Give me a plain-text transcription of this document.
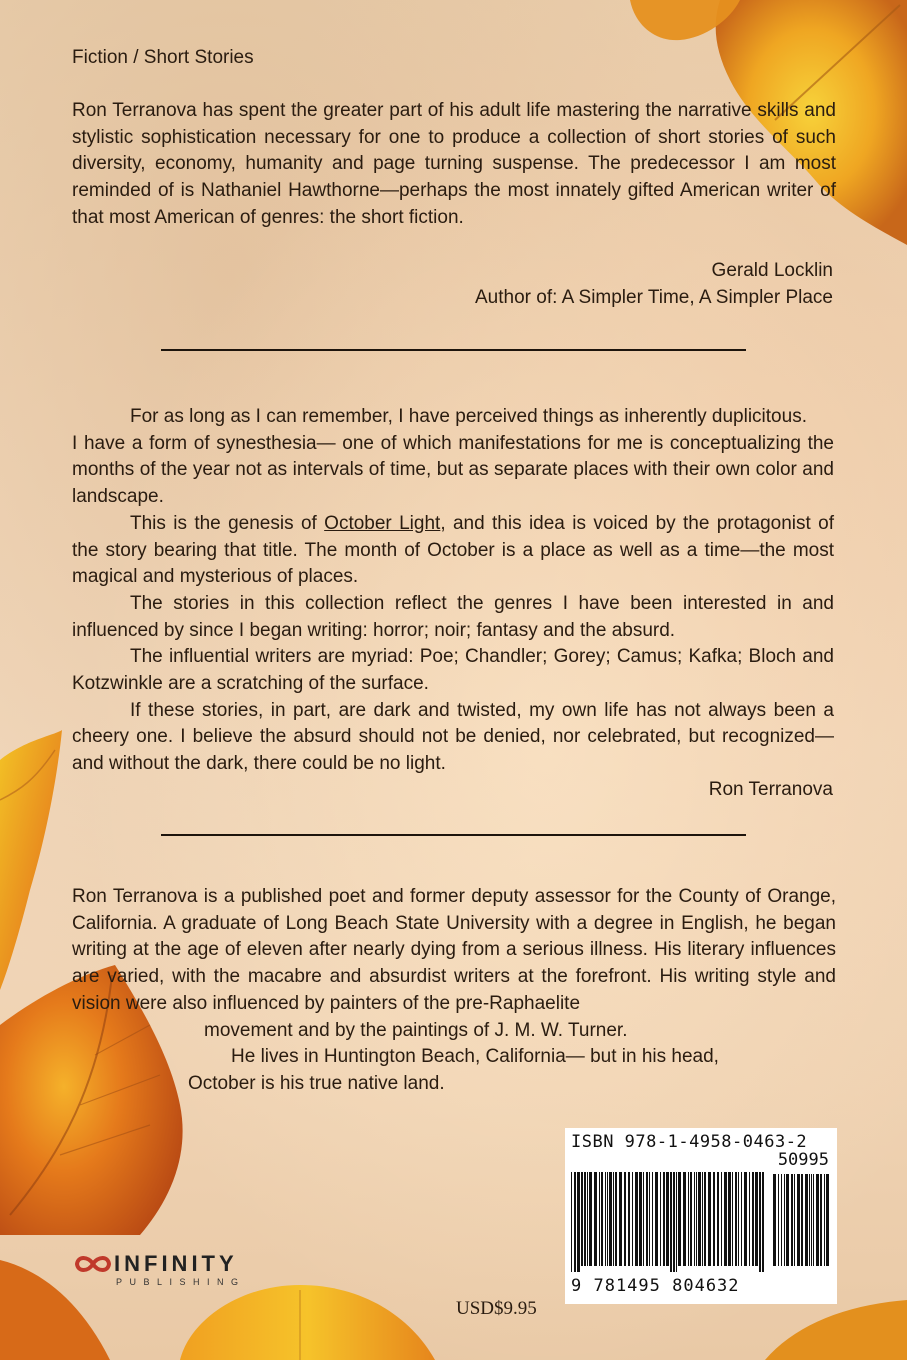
Fiction / Short Stories
Ron Terranova has spent the greater part of his adult life mastering the narrative skills and stylistic sophistication necessary for one to produce a collection of short stories of such diversity, economy, humanity and page turning suspense. The predecessor I am most reminded of is Nathaniel Hawthorne—perhaps the most innately gifted American writer of that most American of genres: the short fiction.
Gerald Locklin
Author of: A Simpler Time, A Simpler Place

For as long as I can remember, I have perceived things as inherently duplicitous.

I have a form of synesthesia— one of which manifestations for me is conceptualizing the months of the year not as intervals of time, but as separate places with their own color and landscape.

This is the genesis of October Light, and this idea is voiced by the protagonist of the story bearing that title. The month of October is a place as well as a time—the most magical and mysterious of places.

The stories in this collection reflect the genres I have been interested in and influenced by since I began writing: horror; noir; fantasy and the absurd.

The influential writers are myriad: Poe; Chandler; Gorey; Camus; Kafka; Bloch and Kotzwinkle are a scratching of the surface.

If these stories, in part, are dark and twisted, my own life has not always been a cheery one. I believe the absurd should not be denied, nor celebrated, but recognized— and without the dark, there could be no light.

Ron Terranova

Ron Terranova is a published poet and former deputy assessor for the County of Orange, California. A graduate of Long Beach State University with a degree in English, he began writing at the age of eleven after nearly dying from a serious illness. His literary influences are varied, with the macabre and absurdist writers at the forefront. His writing style and vision were also influenced by painters of the pre-Raphaelite

movement and by the paintings of J. M. W. Turner.

He lives in Huntington Beach, California— but in his head,

October is his true native land.

INFINITY
PUBLISHING
USD$9.95
ISBN 978-1-4958-0463-2
50995
9 781495 804632
